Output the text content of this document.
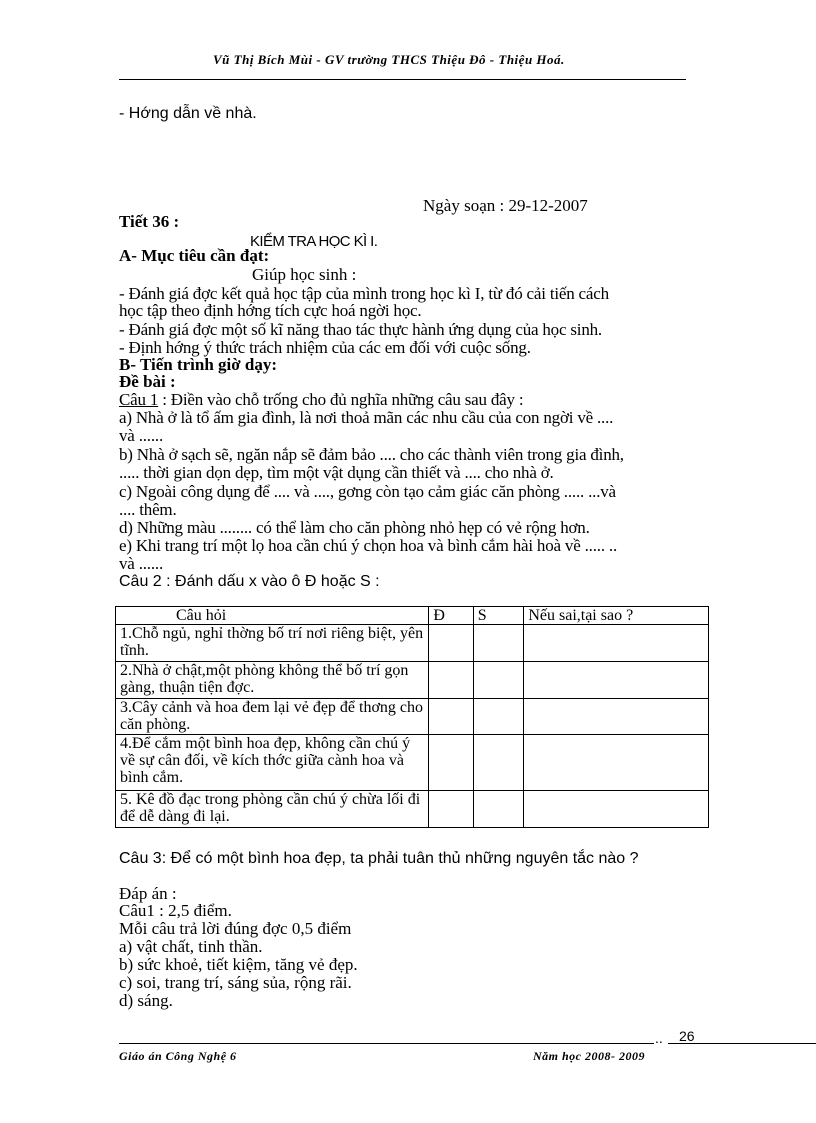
Vũ Thị Bích Mùi - GV trường THCS Thiệu Đô - Thiệu Hoá.
- Hớng dẫn về nhà.
Ngày soạn : 29-12-2007
Tiết 36 :
KIỂM TRA HỌC KÌ I.
A- Mục tiêu cần đạt:
Giúp học sinh :
- Đánh giá đợc kết quả học tập của mình trong học kì I, từ đó cải tiến cách
học tập theo định hớng tích cực hoá ngời học.
- Đánh giá đợc một số kĩ năng thao tác thực hành ứng dụng của học sinh.
- Định hớng ý thức trách nhiệm của các em đối với cuộc sống.
B- Tiến trình giờ dạy:
Đề bài :
Câu 1 : Điền vào chỗ trống cho đủ nghĩa những câu sau đây :
a) Nhà ở là tổ ấm gia đình, là nơi thoả mãn các nhu cầu của con ngời về ....
và ......
b) Nhà ở sạch sẽ, ngăn nắp sẽ đảm bảo .... cho các thành viên trong gia đình,
..... thời gian dọn dẹp, tìm một vật dụng cần thiết và .... cho nhà ở.
c) Ngoài công dụng để .... và ...., gơng còn tạo cảm giác căn phòng ..... ...và
.... thêm.
d) Những màu ........ có thể làm cho căn phòng nhỏ hẹp có vẻ rộng hơn.
e) Khi trang trí một lọ hoa cần chú ý chọn hoa và bình cắm hài hoà về ..... ..
và ......
Câu 2 : Đánh dấu x vào ô Đ hoặc S :
Câu hỏi	Đ	S	Nếu sai,tại sao ?
1.Chỗ ngủ, nghỉ thờng bố trí nơi riêng biệt, yên tĩnh.			
2.Nhà ở chật,một phòng không thể bố trí gọn gàng, thuận tiện đợc.			
3.Cây cảnh và hoa đem lại vẻ đẹp để thơng cho căn phòng.			
4.Để cắm một bình hoa đẹp, không cần chú ý về sự cân đối, về kích thớc giữa cành hoa và bình cắm.			
5. Kê đồ đạc trong phòng cần chú ý chừa lối đi để dễ dàng đi lại.			
Câu 3: Để có một bình hoa đẹp, ta phải tuân thủ những nguyên tắc nào ?
Đáp án :
Câu1 : 2,5 điểm.
Mỗi câu trả lời đúng đợc 0,5 điểm
a) vật chất, tinh thần.
b) sức khoẻ, tiết kiệm, tăng vẻ đẹp.
c) soi, trang trí, sáng sủa, rộng rãi.
d) sáng.
.. 26
Giáo án Công Nghệ 6	Năm học 2008- 2009
